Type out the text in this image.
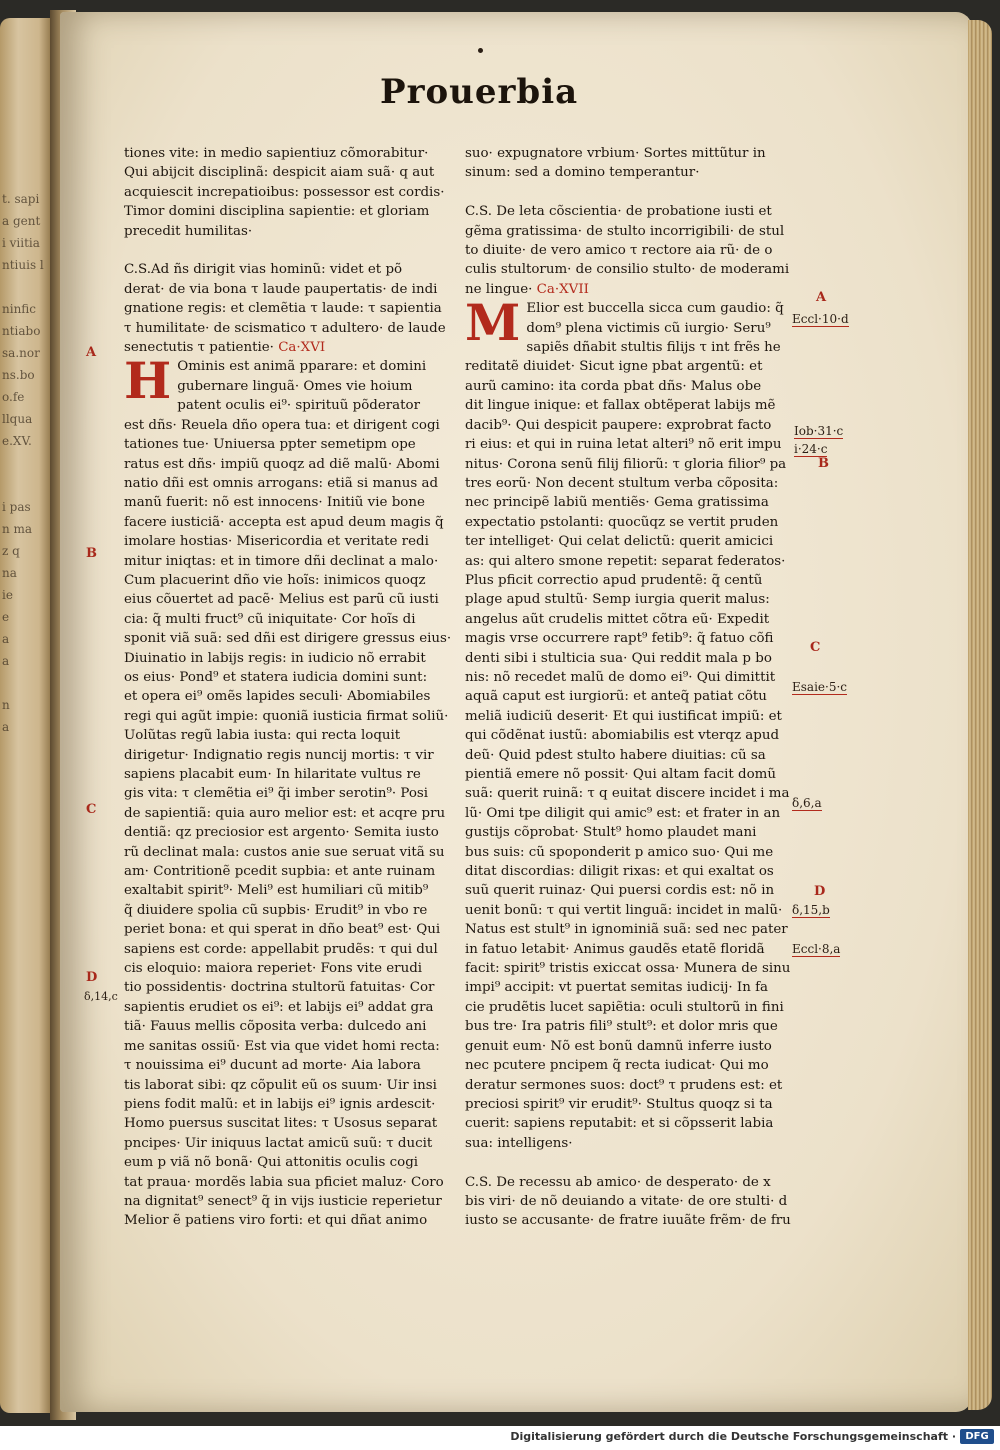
t. sapi
a gent
i viitia
ntiuis l

ninfic
ntiabo
sa.nor
ns.bo
o.fe
llqua
e.XV.

i pas
n ma
z q
na
ie
e
a
a

n
a
Prouerbia
tiones vite: in medio sapientiuz cõmorabitur·
Qui abijcit disciplinã: despicit aiam suã· q aut
acquiescit increpatioibus: possessor est cordis·
Timor domini disciplina sapientie: et gloriam
precedit humilitas·

C.S.Ad ñs dirigit vias hominũ: videt et põ
derat· de via bona τ laude paupertatis· de indi
gnatione regis: et clemẽtia τ laude: τ sapientia
τ humilitate· de scismatico τ adultero· de laude
senectutis τ patientie· Ca·XVI
H Ominis est animã pparare: et domini
gubernare linguã· Omes vie hoium
patent oculis ei⁹· spirituũ põderator
est dñs· Reuela dño opera tua: et dirigent cogi
tationes tue· Uniuersa ppter semetipm ope
ratus est dñs· impiũ quoqz ad diẽ malũ· Abomi
natio dñi est omnis arrogans: etiã si manus ad
manũ fuerit: nõ est innocens· Initiũ vie bone
facere iusticiã· accepta est apud deum magis q̃
imolare hostias· Misericordia et veritate redi
mitur iniqtas: et in timore dñi declinat a malo·
Cum placuerint dño vie hoĩs: inimicos quoqz
eius cõuertet ad pacẽ· Melius est parũ cũ iusti
cia: q̃ multi fruct⁹ cũ iniquitate· Cor hoĩs di
sponit viã suã: sed dñi est dirigere gressus eius·
Diuinatio in labijs regis: in iudicio nõ errabit
os eius· Pond⁹ et statera iudicia domini sunt:
et opera ei⁹ omẽs lapides seculi· Abomiabiles
regi qui agũt impie: quoniã iusticia firmat soliũ·
Uolũtas regũ labia iusta: qui recta loquit
dirigetur· Indignatio regis nuncij mortis: τ vir
sapiens placabit eum· In hilaritate vultus re
gis vita: τ clemẽtia ei⁹ q̃i imber serotin⁹· Posi
de sapientiã: quia auro melior est: et acqre pru
dentiã: qz preciosior est argento· Semita iusto
rũ declinat mala: custos anie sue seruat vitã su
am· Contritionẽ pcedit supbia: et ante ruinam
exaltabit spirit⁹· Meli⁹ est humiliari cũ mitib⁹
q̃ diuidere spolia cũ supbis· Erudit⁹ in vbo re
periet bona: et qui sperat in dño beat⁹ est· Qui
sapiens est corde: appellabit prudẽs: τ qui dul
cis eloquio: maiora reperiet· Fons vite erudi
tio possidentis· doctrina stultorũ fatuitas· Cor
sapientis erudiet os ei⁹: et labijs ei⁹ addat gra
tiã· Fauus mellis cõposita verba: dulcedo ani
me sanitas ossiũ· Est via que videt homi recta:
τ nouissima ei⁹ ducunt ad morte· Aia labora
tis laborat sibi: qz cõpulit eũ os suum· Uir insi
piens fodit malũ: et in labijs ei⁹ ignis ardescit·
Homo puersus suscitat lites: τ Usosus separat
pncipes· Uir iniquus lactat amicũ suũ: τ ducit
eum p viã nõ bonã· Qui attonitis oculis cogi
tat praua· mordẽs labia sua pficiet maluz· Coro
na dignitat⁹ senect⁹ q̃ in vijs iusticie reperietur
Melior ẽ patiens viro forti: et qui dñat animo
suo· expugnatore vrbium· Sortes mittũtur in
sinum: sed a domino temperantur·

C.S. De leta cõscientia· de probatione iusti et
gẽma gratissima· de stulto incorrigibili· de stul
to diuite· de vero amico τ rectore aia rũ· de o
culis stultorum· de consilio stulto· de moderami
ne lingue· Ca·XVII
M Elior est buccella sicca cum gaudio: q̃
dom⁹ plena victimis cũ iurgio· Seru⁹
sapiẽs dñabit stultis filijs τ int frẽs he
reditatẽ diuidet· Sicut igne pbat argentũ: et
aurũ camino: ita corda pbat dñs· Malus obe
dit lingue inique: et fallax obtẽperat labijs mẽ
dacib⁹· Qui despicit paupere: exprobrat facto
ri eius: et qui in ruina letat alteri⁹ nõ erit impu
nitus· Corona senũ filij filiorũ: τ gloria filior⁹ pa
tres eorũ· Non decent stultum verba cõposita:
nec principẽ labiũ mentiẽs· Gema gratissima
expectatio pstolanti: quocũqz se vertit pruden
ter intelliget· Qui celat delictũ: querit amicici
as: qui altero smone repetit: separat federatos·
Plus pficit correctio apud prudentẽ: q̃ centũ
plage apud stultũ· Semp iurgia querit malus:
angelus aũt crudelis mittet cõtra eũ· Expedit
magis vrse occurrere rapt⁹ fetib⁹: q̃ fatuo cõfi
denti sibi i stulticia sua· Qui reddit mala p bo
nis: nõ recedet malũ de domo ei⁹· Qui dimittit
aquã caput est iurgiorũ: et anteq̃ patiat cõtu
meliã iudiciũ deserit· Et qui iustificat impiũ: et
qui cõdẽnat iustũ: abomiabilis est vterqz apud
deũ· Quid pdest stulto habere diuitias: cũ sa
pientiã emere nõ possit· Qui altam facit domũ
suã: querit ruinã: τ q euitat discere incidet i ma
lũ· Omi tpe diligit qui amic⁹ est: et frater in an
gustijs cõprobat· Stult⁹ homo plaudet mani
bus suis: cũ spoponderit p amico suo· Qui me
ditat discordias: diligit rixas: et qui exaltat os
suũ querit ruinaz· Qui puersi cordis est: nõ in
uenit bonũ: τ qui vertit linguã: incidet in malũ·
Natus est stult⁹ in ignominiã suã: sed nec pater
in fatuo letabit· Animus gaudẽs etatẽ floridã
facit: spirit⁹ tristis exiccat ossa· Munera de sinu
impi⁹ accipit: vt puertat semitas iudicij· In fa
cie prudẽtis lucet sapiẽtia: oculi stultorũ in fini
bus tre· Ira patris fili⁹ stult⁹: et dolor mris que
genuit eum· Nõ est bonũ damnũ inferre iusto
nec pcutere pncipem q̃ recta iudicat· Qui mo
deratur sermones suos: doct⁹ τ prudens est: et
preciosi spirit⁹ vir erudit⁹· Stultus quoqz si ta
cuerit: sapiens reputabit: et si cõpsserit labia
sua: intelligens·

C.S. De recessu ab amico· de desperato· de x
bis viri· de nõ deuiando a vitate· de ore stulti· d
iusto se accusante· de fratre iuuãte frẽm· de fru
A
B
C
D
δ,14,c
A
Eccl·10·d
Iob·31·c
i·24·c
B
C
Esaie·5·c
δ,6,a
D
δ,15,b
Eccl·8,a
Digitalisierung gefördert durch die Deutsche Forschungsgemeinschaft · DFG
